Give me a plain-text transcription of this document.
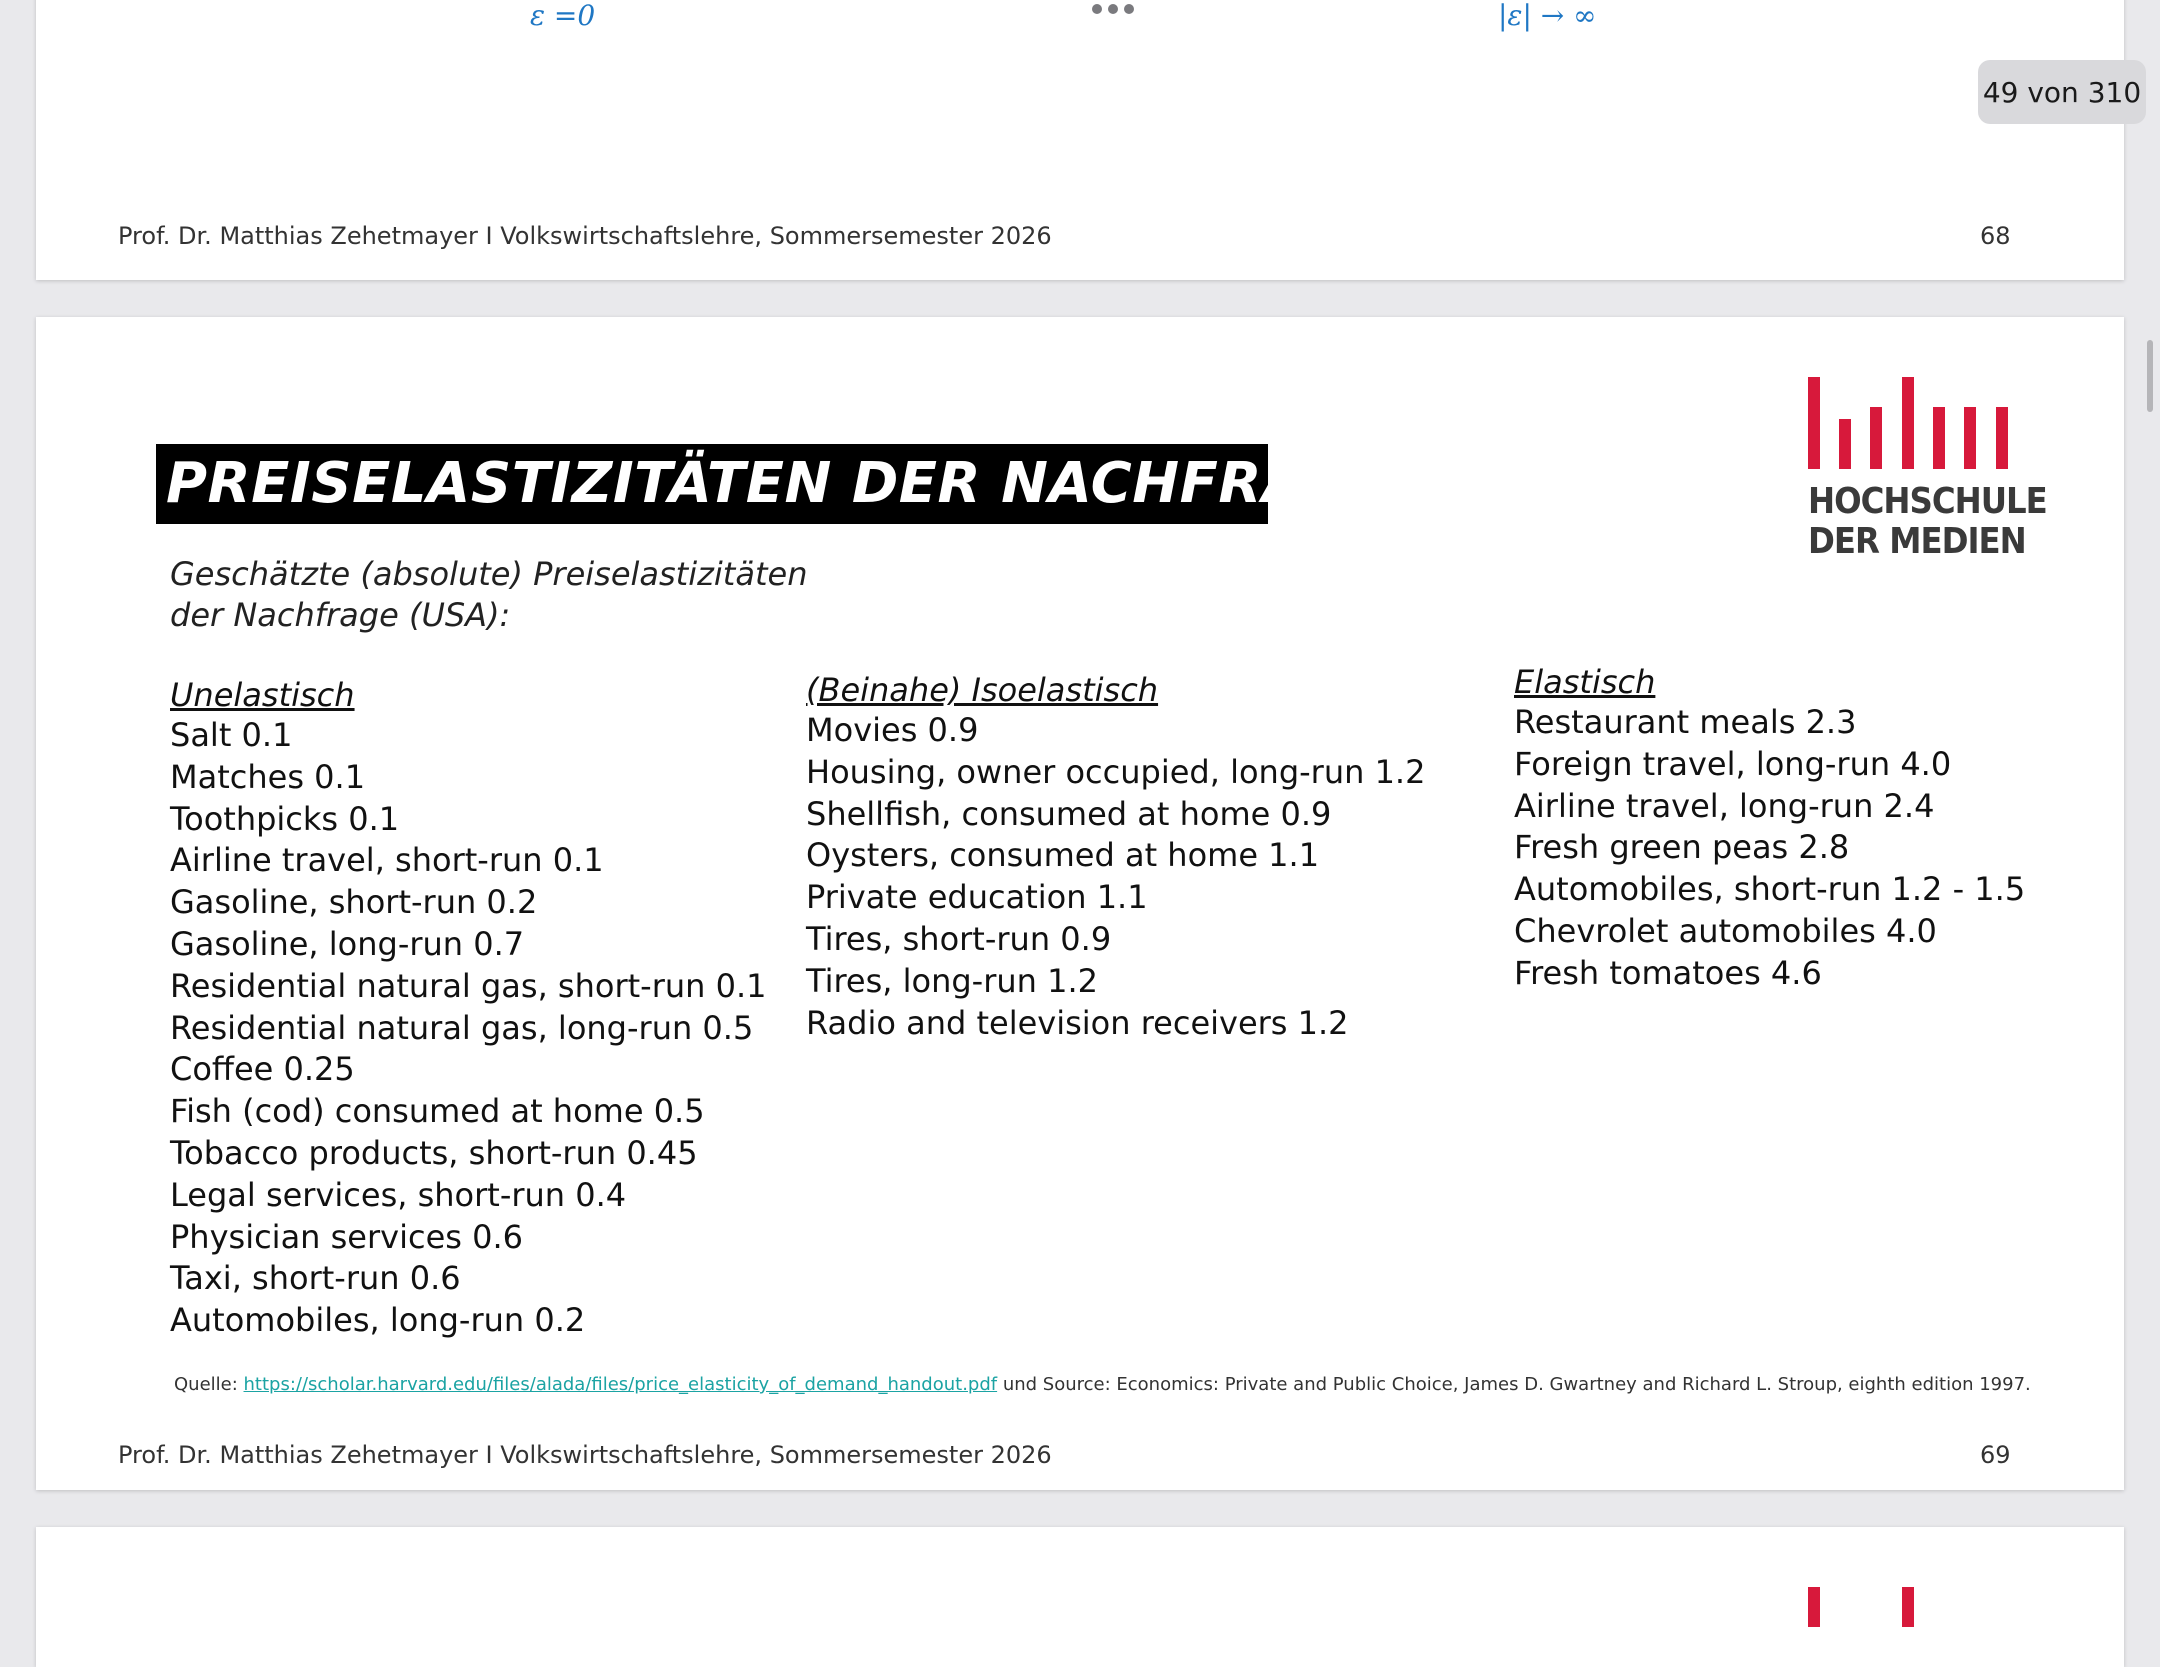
ε =0	|ε| → ∞
Prof. Dr. Matthias Zehetmayer I Volkswirtschaftslehre, Sommersemester 2026	68
PREISELASTIZITÄTEN DER NACHFRAGE
Geschätzte (absolute) Preiselastizitäten
der Nachfrage (USA):
HOCHSCHULE
DER MEDIEN
Unelastisch
Salt 0.1
Matches 0.1
Toothpicks 0.1
Airline travel, short-run 0.1
Gasoline, short-run 0.2
Gasoline, long-run 0.7
Residential natural gas, short-run 0.1
Residential natural gas, long-run 0.5
Coffee 0.25
Fish (cod) consumed at home 0.5
Tobacco products, short-run 0.45
Legal services, short-run 0.4
Physician services 0.6
Taxi, short-run 0.6
Automobiles, long-run 0.2
(Beinahe) Isoelastisch
Movies 0.9
Housing, owner occupied, long-run 1.2
Shellfish, consumed at home 0.9
Oysters, consumed at home 1.1
Private education 1.1
Tires, short-run 0.9
Tires, long-run 1.2
Radio and television receivers 1.2
Elastisch
Restaurant meals 2.3
Foreign travel, long-run 4.0
Airline travel, long-run 2.4
Fresh green peas 2.8
Automobiles, short-run 1.2 - 1.5
Chevrolet automobiles 4.0
Fresh tomatoes 4.6
Quelle: https://scholar.harvard.edu/files/alada/files/price_elasticity_of_demand_handout.pdf und Source: Economics: Private and Public Choice, James D. Gwartney and Richard L. Stroup, eighth edition 1997.
Prof. Dr. Matthias Zehetmayer I Volkswirtschaftslehre, Sommersemester 2026	69
49 von 310
